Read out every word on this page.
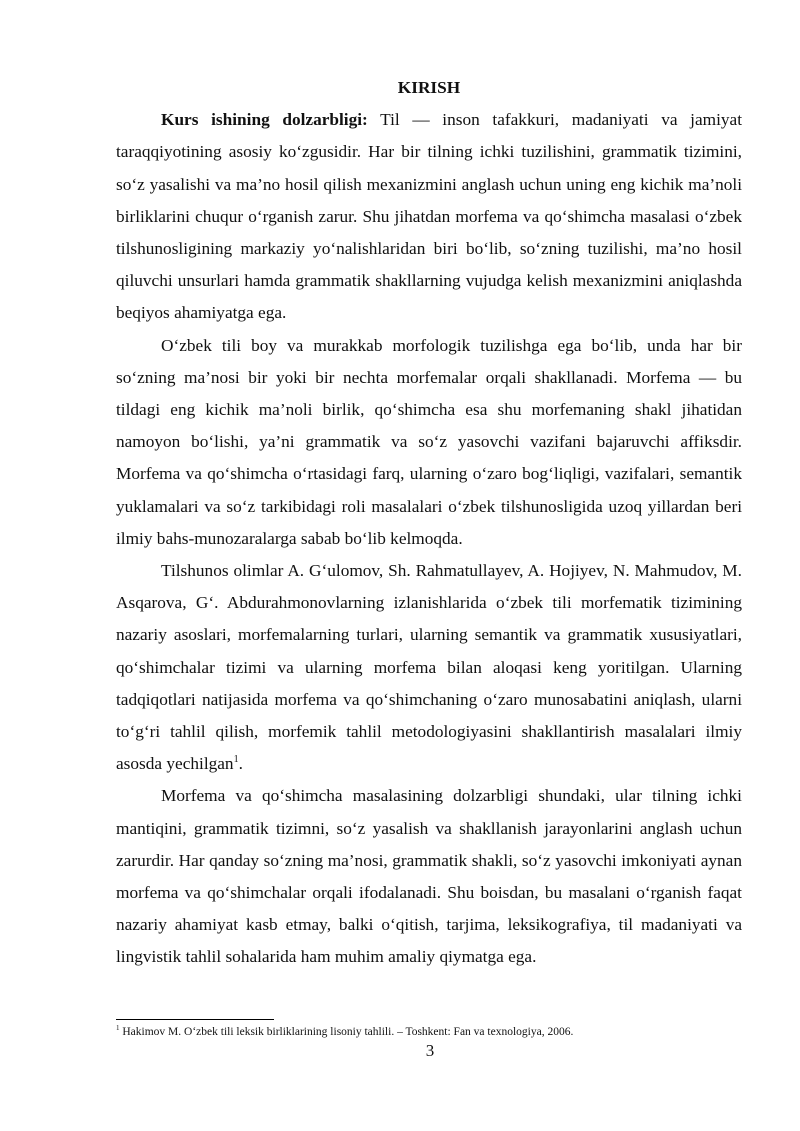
KIRISH

Kurs ishining dolzarbligi: Til — inson tafakkuri, madaniyati va jamiyat taraqqiyotining asosiy ko‘zgusidir. Har bir tilning ichki tuzilishini, grammatik tizimini, so‘z yasalishi va ma’no hosil qilish mexanizmini anglash uchun uning eng kichik ma’noli birliklarini chuqur o‘rganish zarur. Shu jihatdan morfema va qo‘shimcha masalasi o‘zbek tilshunosligining markaziy yo‘nalishlaridan biri bo‘lib, so‘zning tuzilishi, ma’no hosil qiluvchi unsurlari hamda grammatik shakllarning vujudga kelish mexanizmini aniqlashda beqiyos ahamiyatga ega.

O‘zbek tili boy va murakkab morfologik tuzilishga ega bo‘lib, unda har bir so‘zning ma’nosi bir yoki bir nechta morfemalar orqali shakllanadi. Morfema — bu tildagi eng kichik ma’noli birlik, qo‘shimcha esa shu morfemaning shakl jihatidan namoyon bo‘lishi, ya’ni grammatik va so‘z yasovchi vazifani bajaruvchi affiksdir. Morfema va qo‘shimcha o‘rtasidagi farq, ularning o‘zaro bog‘liqligi, vazifalari, semantik yuklamalari va so‘z tarkibidagi roli masalalari o‘zbek tilshunosligida uzoq yillardan beri ilmiy bahs-munozaralarga sabab bo‘lib kelmoqda.

Tilshunos olimlar A. G‘ulomov, Sh. Rahmatullayev, A. Hojiyev, N. Mahmudov, M. Asqarova, G‘. Abdurahmonovlarning izlanishlarida o‘zbek tili morfematik tizimining nazariy asoslari, morfemalarning turlari, ularning semantik va grammatik xususiyatlari, qo‘shimchalar tizimi va ularning morfema bilan aloqasi keng yoritilgan. Ularning tadqiqotlari natijasida morfema va qo‘shimchaning o‘zaro munosabatini aniqlash, ularni to‘g‘ri tahlil qilish, morfemik tahlil metodologiyasini shakllantirish masalalari ilmiy asosda yechilgan$^1$.

Morfema va qo‘shimcha masalasining dolzarbligi shundaki, ular tilning ichki mantiqini, grammatik tizimni, so‘z yasalish va shakllanish jarayonlarini anglash uchun zarurdir. Har qanday so‘zning ma’nosi, grammatik shakli, so‘z yasovchi imkoniyati aynan morfema va qo‘shimchalar orqali ifodalanadi. Shu boisdan, bu masalani o‘rganish faqat nazariy ahamiyat kasb etmay, balki o‘qitish, tarjima, leksikografiya, til madaniyati va lingvistik tahlil sohalarida ham muhim amaliy qiymatga ega.

$^1$ Hakimov M. O‘zbek tili leksik birliklarining lisoniy tahlili. – Toshkent: Fan va texnologiya, 2006.
3
